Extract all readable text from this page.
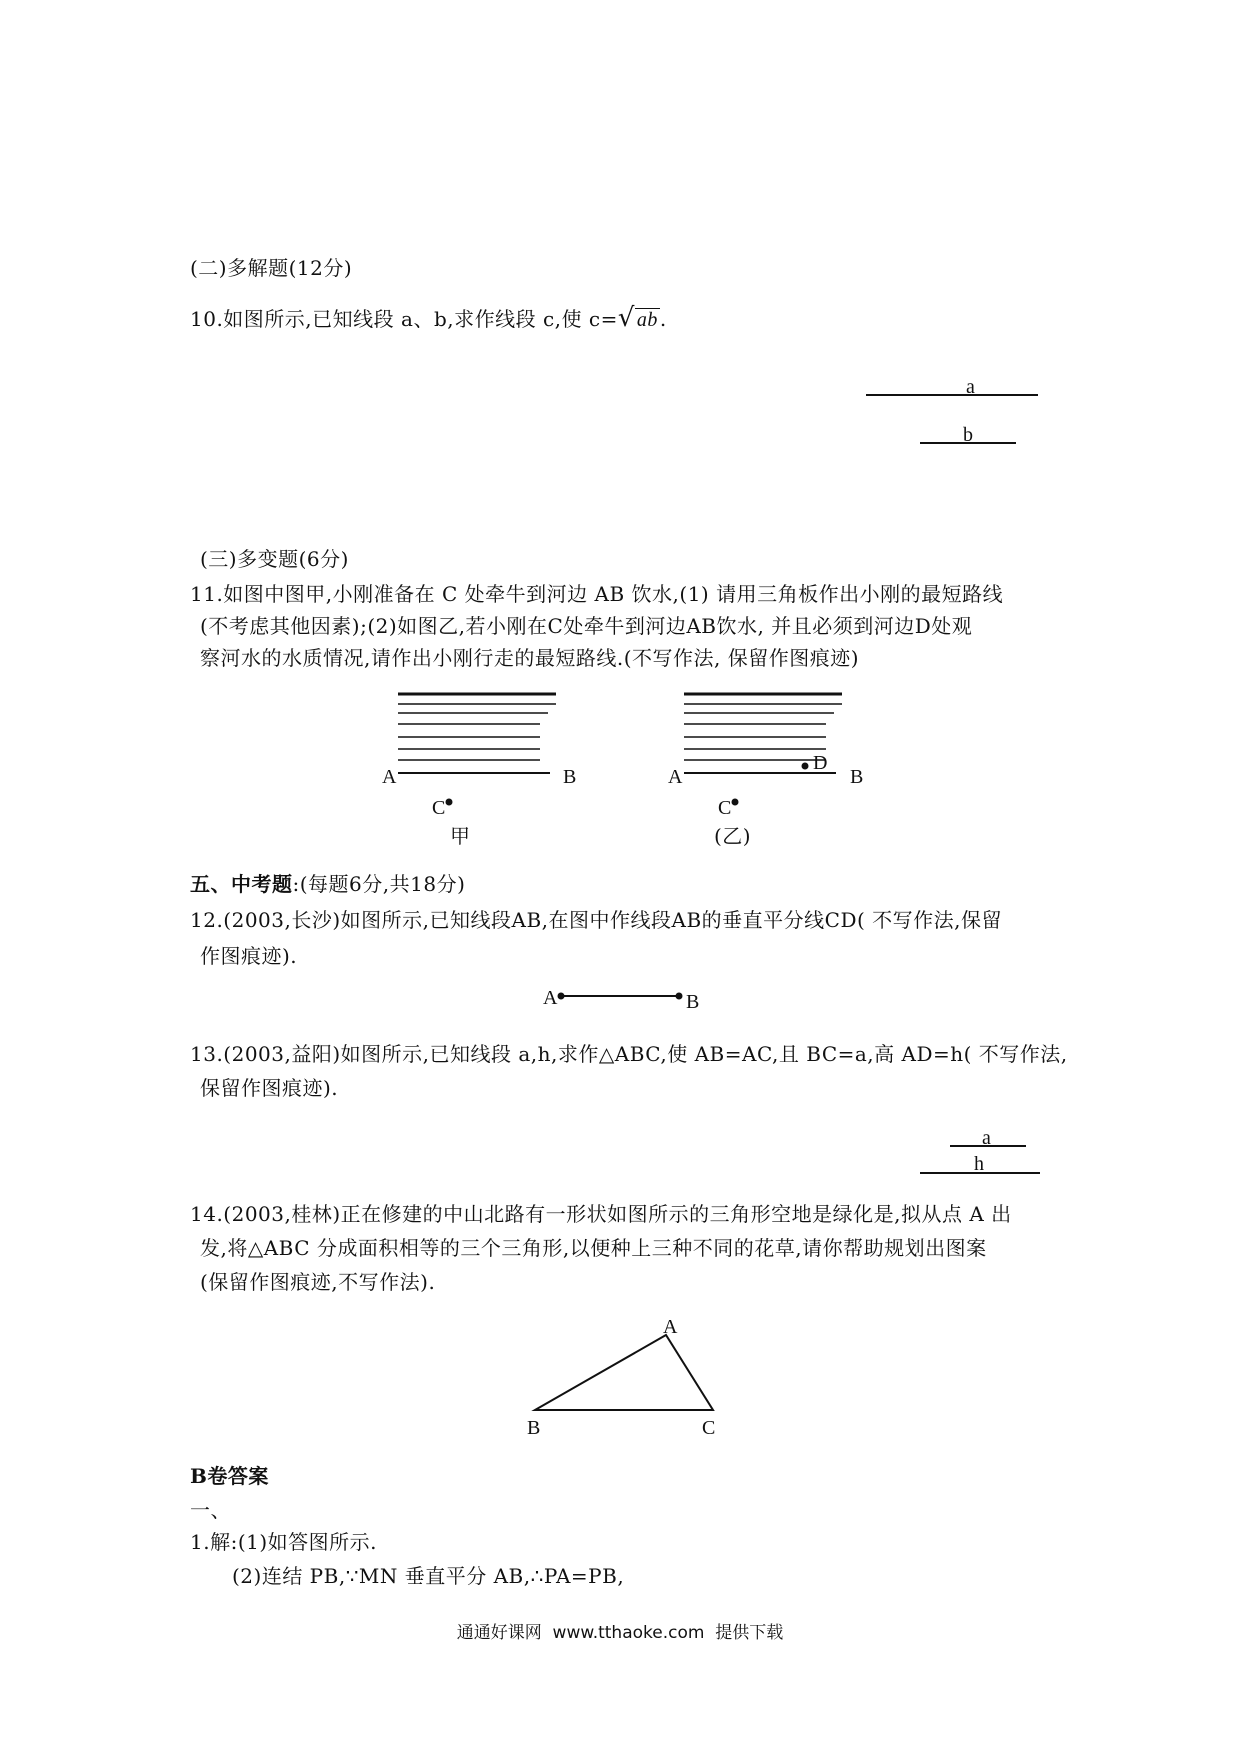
(二)多解题(12分)
10.如图所示,已知线段 a、b,求作线段 c,使 c=√ ab .
a
b
(三)多变题(6分)
11.如图中图甲,小刚准备在 C 处牵牛到河边 AB 饮水,(1) 请用三角板作出小刚的最短路线
(不考虑其他因素);(2)如图乙,若小刚在C处牵牛到河边AB饮水, 并且必须到河边D处观
察河水的水质情况,请作出小刚行走的最短路线.(不写作法, 保留作图痕迹)
A	B
C
甲
A	B
D
C
(乙)
五、中考题:(每题6分,共18分)
12.(2003,长沙)如图所示,已知线段AB,在图中作线段AB的垂直平分线CD( 不写作法,保留
作图痕迹).
A	B
13.(2003,益阳)如图所示,已知线段 a,h,求作△ABC,使 AB=AC,且 BC=a,高 AD=h( 不写作法,
保留作图痕迹).
a
h
14.(2003,桂林)正在修建的中山北路有一形状如图所示的三角形空地是绿化是,拟从点 A 出
发,将△ABC 分成面积相等的三个三角形,以便种上三种不同的花草,请你帮助规划出图案
(保留作图痕迹,不写作法).
A
B	C
B卷答案
一、
1.解:(1)如答图所示.
(2)连结 PB,∵MN 垂直平分 AB,∴PA=PB,
通通好课网  www.tthaoke.com  提供下载
